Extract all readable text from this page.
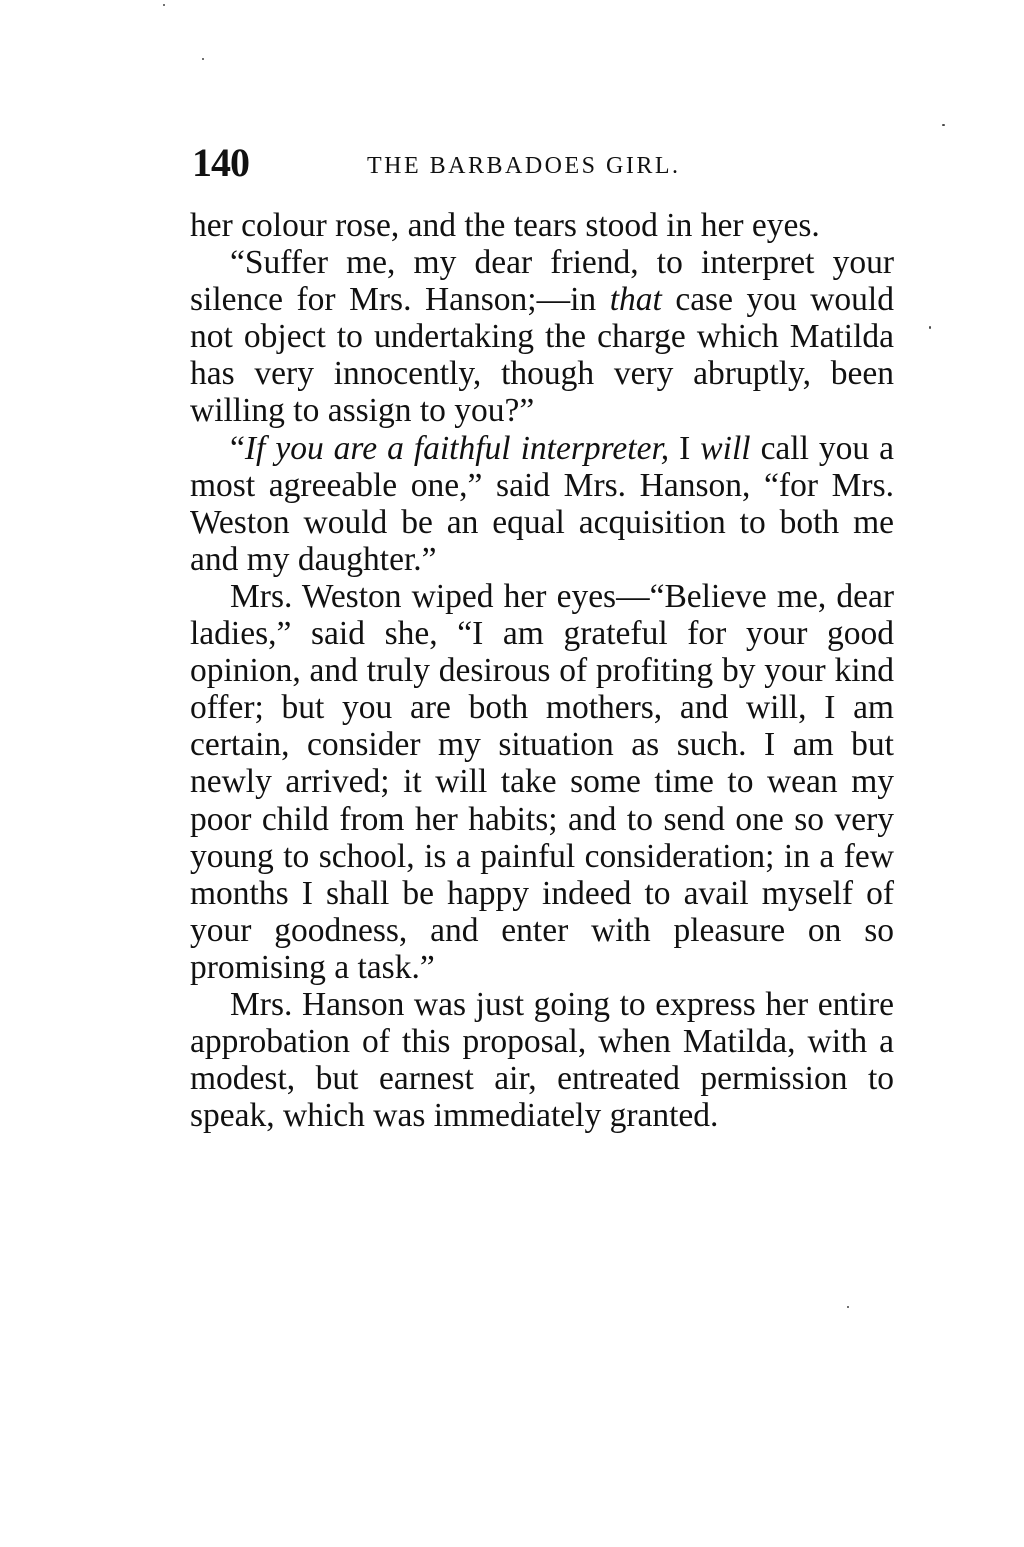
140	THE BARBADOES GIRL.

her colour rose, and the tears stood in her eyes.

“Suffer me, my dear friend, to interpret your silence for Mrs. Hanson;—in that case you would not object to undertaking the charge which Matilda has very innocently, though very abruptly, been willing to assign to you?”

“If you are a faithful interpreter, I will call you a most agreeable one,” said Mrs. Hanson, “for Mrs. Weston would be an equal acquisition to both me and my daughter.”

Mrs. Weston wiped her eyes—“Believe me, dear ladies,” said she, “I am grateful for your good opinion, and truly desirous of profiting by your kind offer; but you are both mothers, and will, I am certain, consider my situation as such. I am but newly arrived; it will take some time to wean my poor child from her habits; and to send one so very young to school, is a painful consideration; in a few months I shall be happy indeed to avail myself of your goodness, and enter with pleasure on so promising a task.”

Mrs. Hanson was just going to express her entire approbation of this proposal, when Matilda, with a modest, but earnest air, entreated permission to speak, which was immediately granted.
